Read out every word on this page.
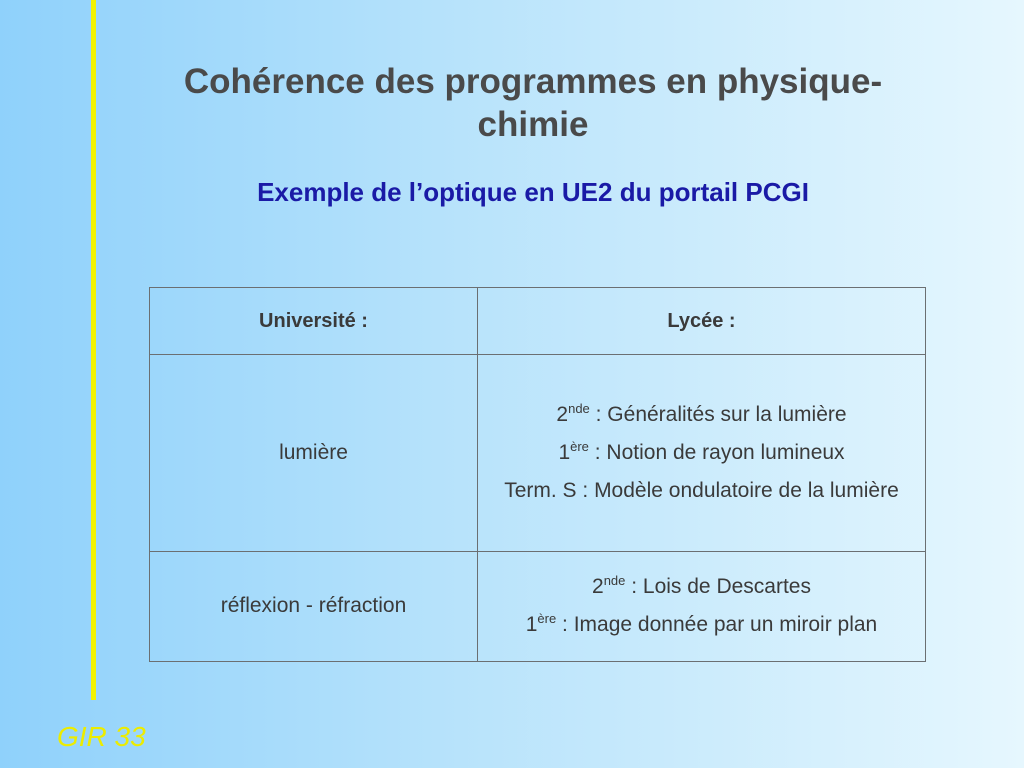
Cohérence des programmes en physique-chimie
Exemple de l’optique en UE2 du portail PCGI
Université :	Lycée :
lumière	2nde : Généralités sur la lumière
1ère : Notion de rayon lumineux
Term. S : Modèle ondulatoire de la lumière

réflexion - réfraction	2nde : Lois de Descartes
1ère : Image donnée par un miroir plan
GIR 33
